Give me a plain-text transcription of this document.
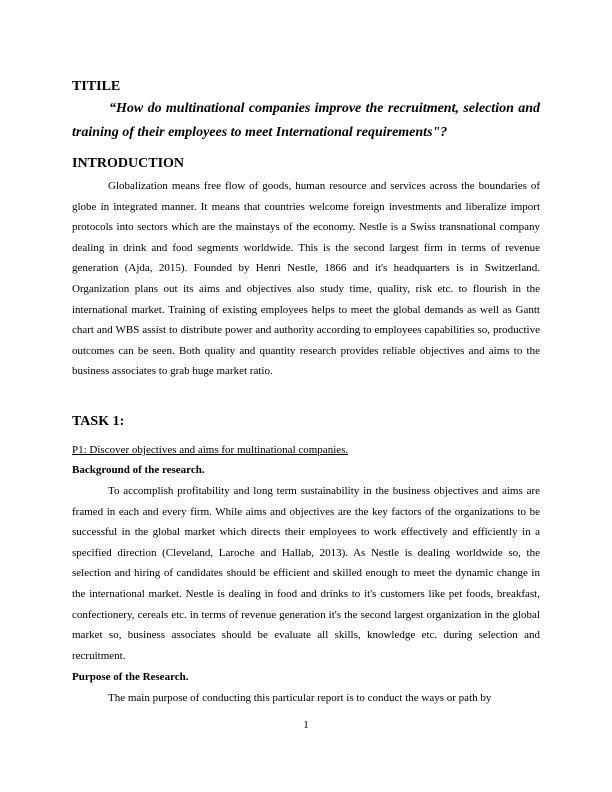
TITILE
“How do multinational companies improve the recruitment, selection and training of their employees to meet International requirements"?
INTRODUCTION
Globalization means free flow of goods, human resource and services across the boundaries of globe in integrated manner. It means that countries welcome foreign investments and liberalize import protocols into sectors which are the mainstays of the economy. Nestle is a Swiss transnational company dealing in drink and food segments worldwide. This is the second largest firm in terms of revenue generation (Ajda, 2015). Founded by Henri Nestle, 1866 and it's headquarters is in Switzerland. Organization plans out its aims and objectives also study time, quality, risk etc. to flourish in the international market. Training of existing employees helps to meet the global demands as well as Gantt chart and WBS assist to distribute power and authority according to employees capabilities so, productive outcomes can be seen. Both quality and quantity research provides reliable objectives and aims to the business associates to grab huge market ratio.
TASK 1:
P1: Discover objectives and aims for multinational companies.
Background of the research.
To accomplish profitability and long term sustainability in the business objectives and aims are framed in each and every firm. While aims and objectives are the key factors of the organizations to be successful in the global market which directs their employees to work effectively and efficiently in a specified direction (Cleveland, Laroche and Hallab, 2013). As Nestle is dealing worldwide so, the selection and hiring of candidates should be efficient and skilled enough to meet the dynamic change in the international market. Nestle is dealing in food and drinks to it's customers like pet foods, breakfast, confectionery, cereals etc. in terms of revenue generation it's the second largest organization in the global market so, business associates should be evaluate all skills, knowledge etc. during selection and recruitment.
Purpose of the Research.
The main purpose of conducting this particular report is to conduct the ways or path by
1
